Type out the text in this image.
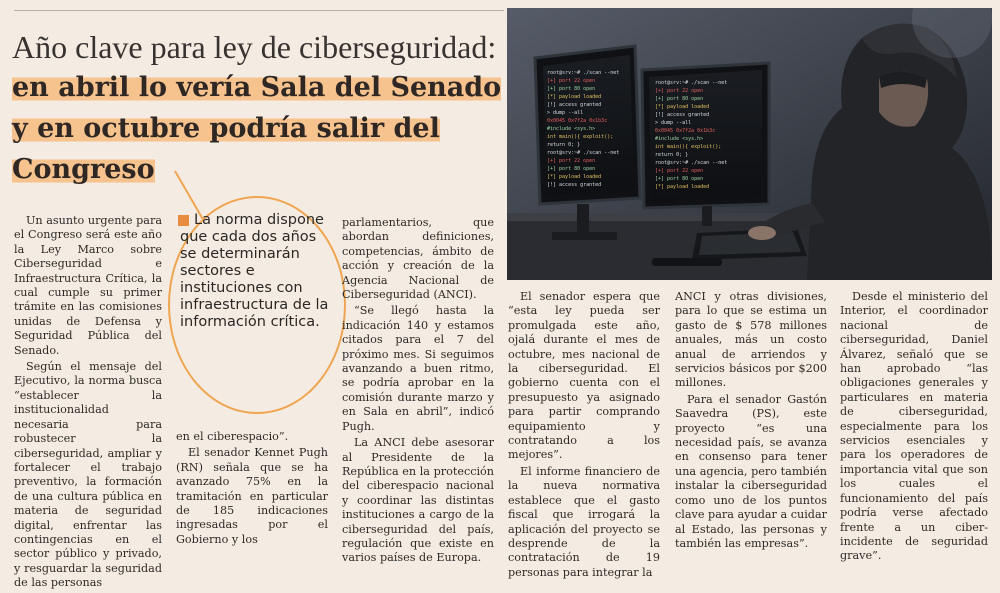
Año clave para ley de ciberseguridad: en abril lo vería Sala del Senado y en octubre podría salir del Congreso
root@srv:~# ./scan --net
[+] port 22 open
[+] port 80 open
[*] payload loaded
[!] access granted
> dump --all
0x0045 0x7f2a 0x1b3c
#include <sys.h>
int main(){ exploit();
return 0; }
root@srv:~# ./scan --net
[+] port 22 open
[+] port 80 open
[*] payload loaded
[!] access granted
root@srv:~# ./scan --net
[+] port 22 open
[+] port 80 open
[*] payload loaded
[!] access granted
> dump --all
0x0045 0x7f2a 0x1b3c
#include <sys.h>
int main(){ exploit();
return 0; }
root@srv:~# ./scan --net
[+] port 22 open
[+] port 80 open
[*] payload loaded

Un asunto urgente para el Congreso será este año la Ley Marco sobre Ciberseguridad e Infraestructura Crítica, la cual cumple su primer trámite en las comisiones unidas de Defensa y Seguridad Pública del Senado.

Según el mensaje del Ejecutivo, la norma busca “establecer la institucionalidad necesaria para robustecer la ciberseguridad, ampliar y fortalecer el trabajo preventivo, la formación de una cultura pública en materia de seguridad digital, enfrentar las contingencias en el sector público y privado, y resguardar la seguridad de las personas

La norma dispone que cada dos años se determinarán sectores e instituciones con infraestructura de la información crítica.

en el ciberespacio”.

El senador Kennet Pugh (RN) señala que se ha avanzado 75% en la tramitación en particular de 185 indicaciones ingresadas por el Gobierno y los

parlamentarios, que abordan definiciones, competencias, ámbito de acción y creación de la Agencia Nacional de Ciberseguridad (ANCI).

“Se llegó hasta la indicación 140 y estamos citados para el 7 del próximo mes. Si seguimos avanzando a buen ritmo, se podría aprobar en la comisión durante marzo y en Sala en abril”, indicó Pugh.

La ANCI debe asesorar al Presidente de la República en la protección del ciberespacio nacional y coordinar las distintas instituciones a cargo de la ciberseguridad del país, regulación que existe en varios países de Europa.

El senador espera que “esta ley pueda ser promulgada este año, ojalá durante el mes de octubre, mes nacional de la ciberseguridad. El gobierno cuenta con el presupuesto ya asignado para partir comprando equipamiento y contratando a los mejores”.

El informe financiero de la nueva normativa establece que el gasto fiscal que irrogará la aplicación del proyecto se desprende de la contratación de 19 personas para integrar la

ANCI y otras divisiones, para lo que se estima un gasto de $ 578 millones anuales, más un costo anual de arriendos y servicios básicos por $200 millones.

Para el senador Gastón Saavedra (PS), este proyecto “es una necesidad país, se avanza en consenso para tener una agencia, pero también instalar la ciberseguridad como uno de los puntos clave para ayudar a cuidar al Estado, las personas y también las empresas”.

Desde el ministerio del Interior, el coordinador nacional de ciberseguridad, Daniel Álvarez, señaló que se han aprobado “las obligaciones generales y particulares en materia de ciberseguridad, especialmente para los servicios esenciales y para los operadores de importancia vital que son los cuales el funcionamiento del país podría verse afectado frente a un ciber-incidente de seguridad grave”.
